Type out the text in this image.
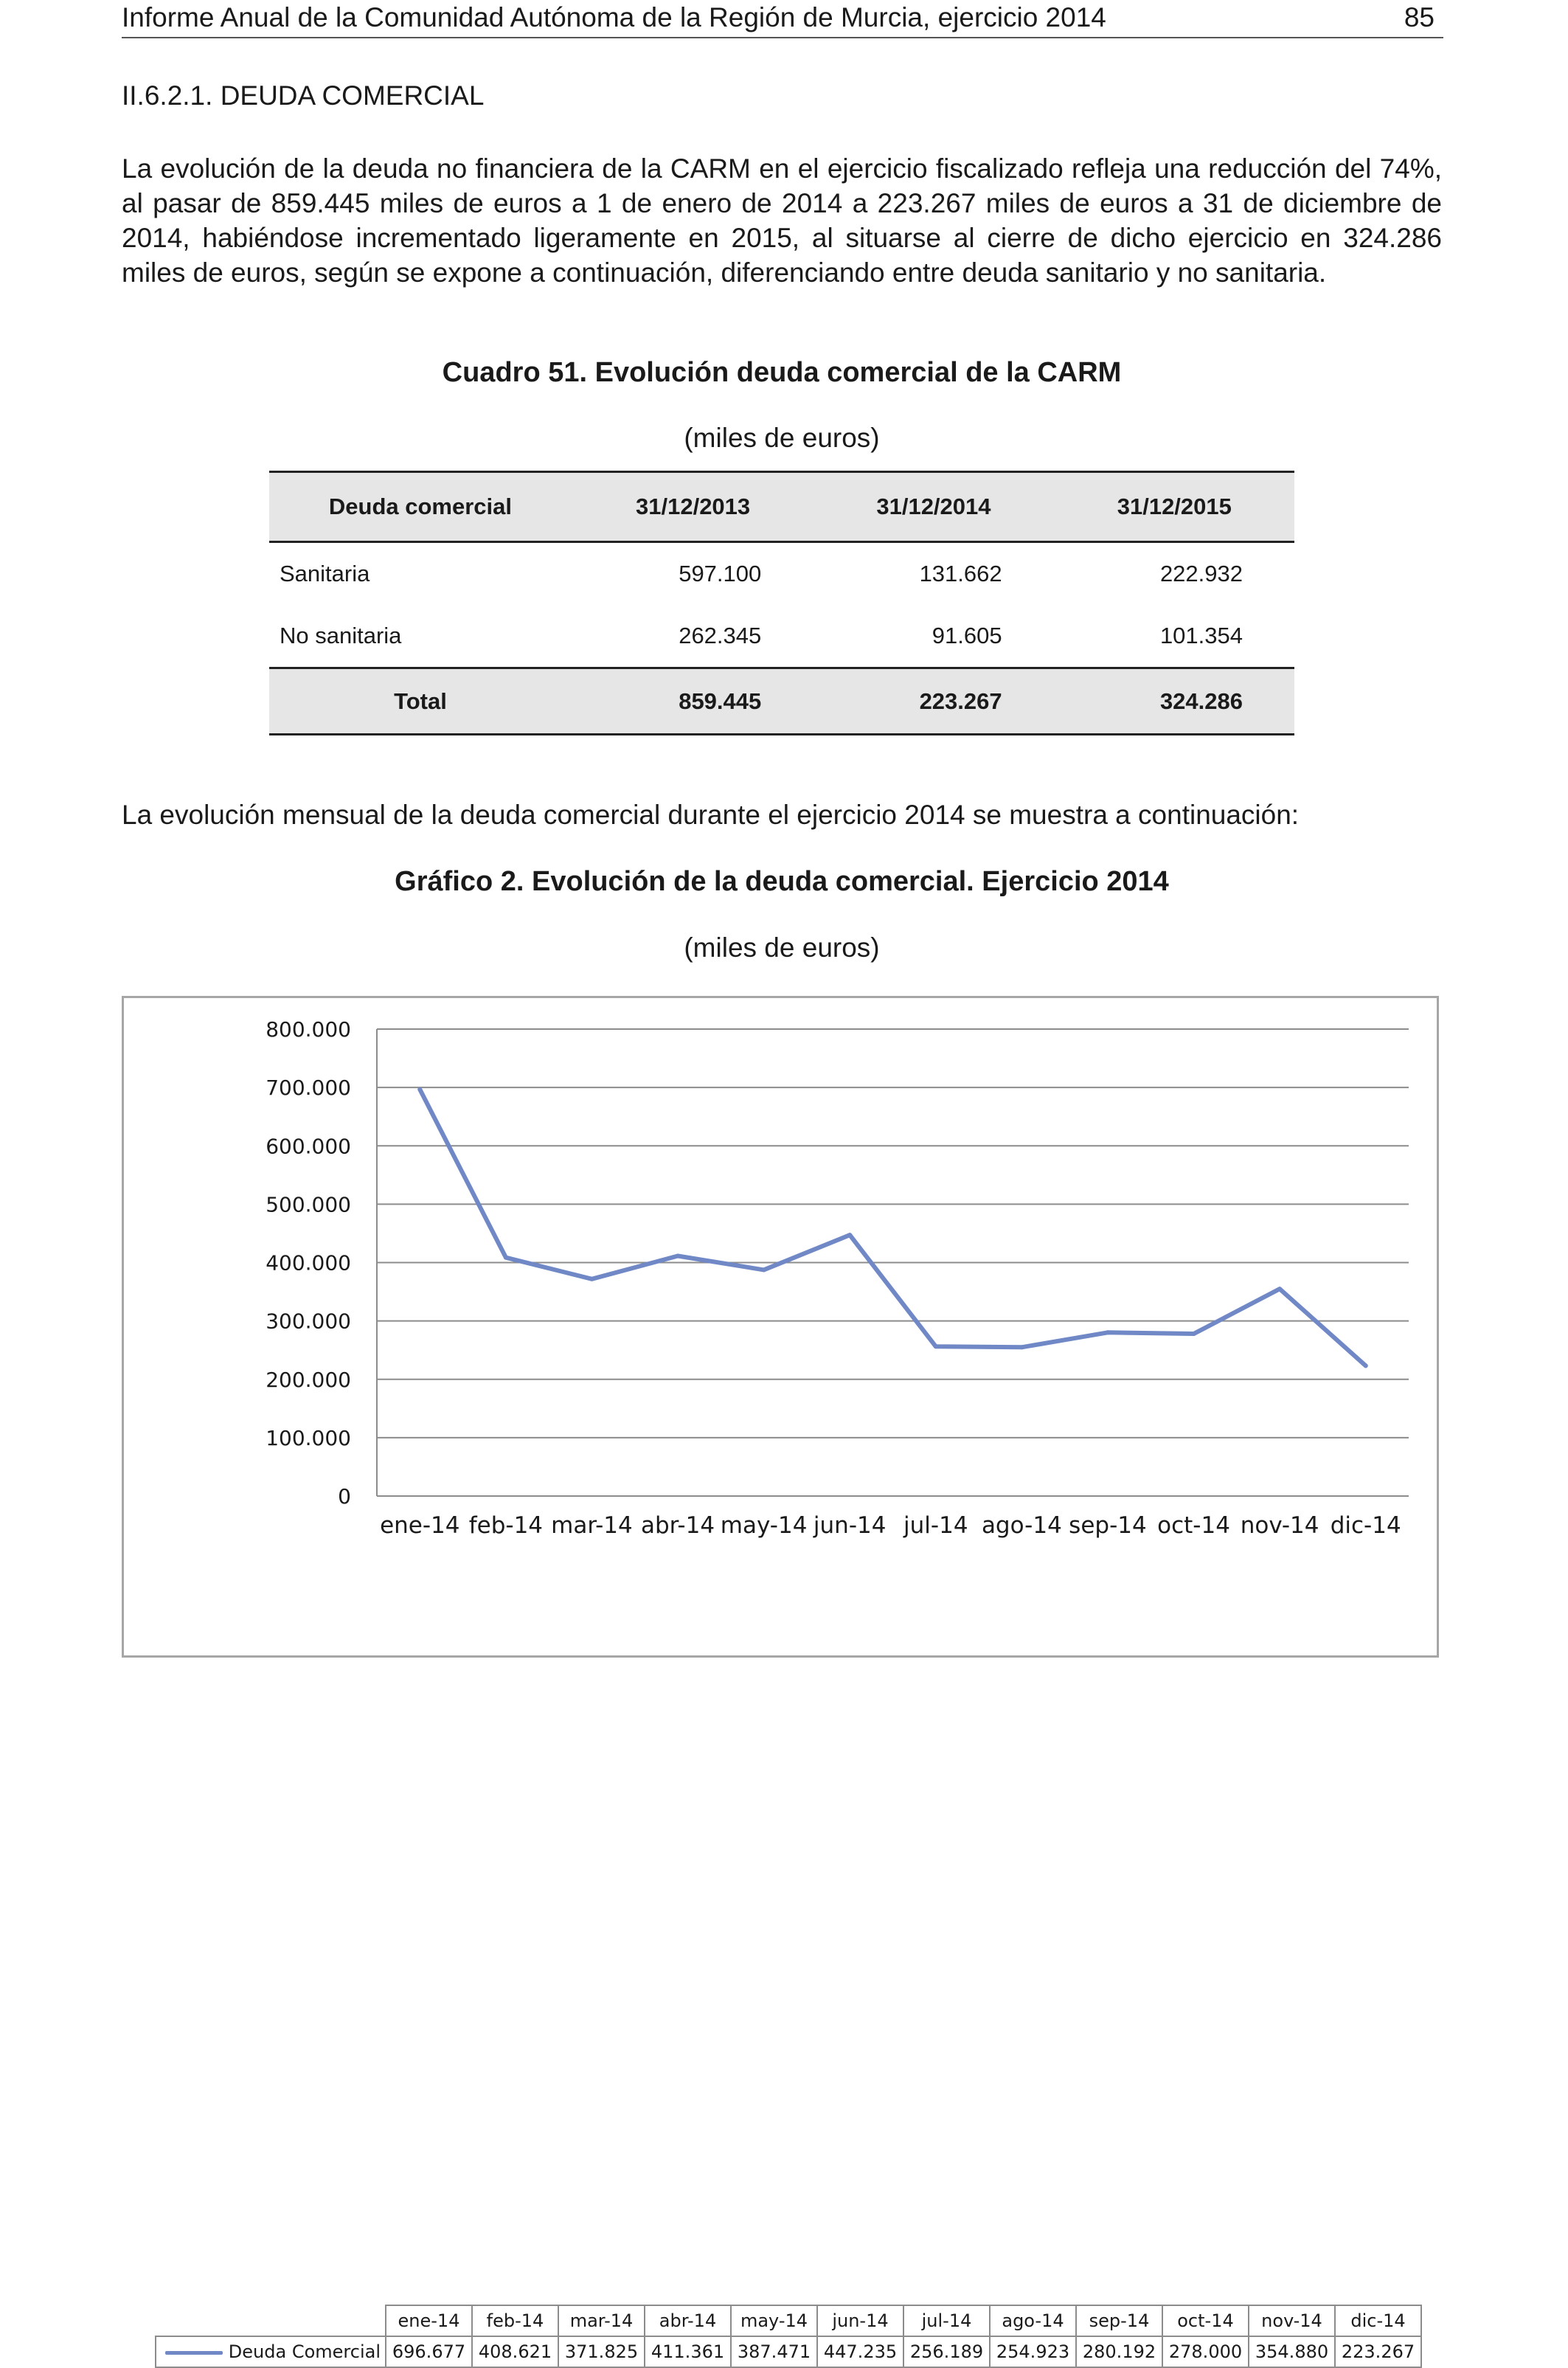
Informe Anual de la Comunidad Autónoma de la Región de Murcia, ejercicio 2014	85
II.6.2.1. DEUDA COMERCIAL

La evolución de la deuda no financiera de la CARM en el ejercicio fiscalizado refleja una reducción del 74%, al pasar de 859.445 miles de euros a 1 de enero de 2014 a 223.267 miles de euros a 31 de diciembre de 2014, habiéndose incrementado ligeramente en 2015, al situarse al cierre de dicho ejercicio en 324.286 miles de euros, según se expone a continuación, diferenciando entre deuda sanitario y no sanitaria.

Cuadro 51. Evolución deuda comercial de la CARM
(miles de euros)
Deuda comercial	31/12/2013	31/12/2014	31/12/2015
Sanitaria	597.100	131.662	222.932
No sanitaria	262.345	91.605	101.354
Total	859.445	223.267	324.286
La evolución mensual de la deuda comercial durante el ejercicio 2014 se muestra a continuación:
Gráfico 2. Evolución de la deuda comercial. Ejercicio 2014
(miles de euros)
0
100.000
200.000
300.000
400.000
500.000
600.000
700.000
800.000
ene-14 feb-14 mar-14 abr-14 may-14 jun-14 jul-14 ago-14 sep-14 oct-14 nov-14 dic-14
	ene-14	feb-14	mar-14	abr-14	may-14	jun-14	jul-14	ago-14	sep-14	oct-14	nov-14	dic-14
Deuda Comercial	696.677	408.621	371.825	411.361	387.471	447.235	256.189	254.923	280.192	278.000	354.880	223.267
